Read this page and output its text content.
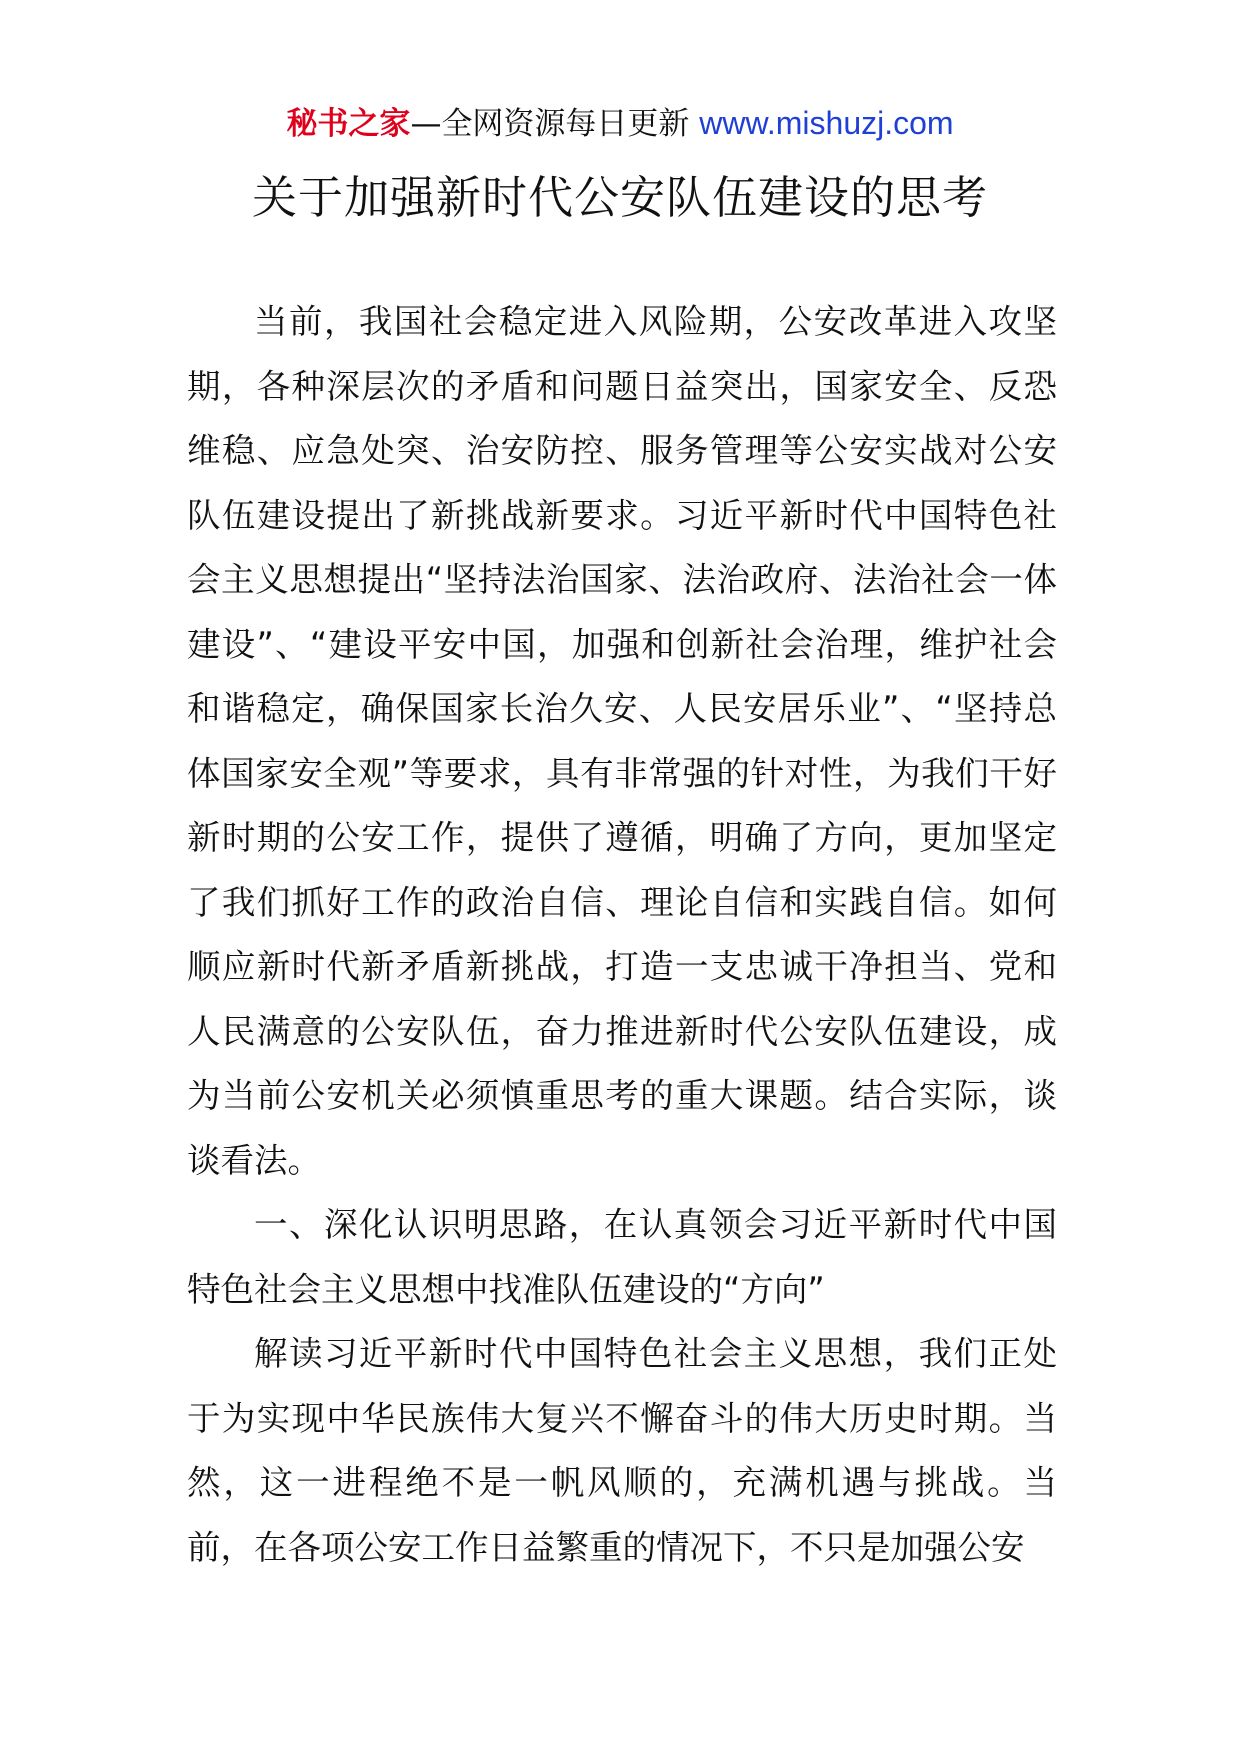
秘书之家—全网资源每日更新 www.mishuzj.com
关于加强新时代公安队伍建设的思考

当前，我国社会稳定进入风险期，公安改革进入攻坚期，各种深层次的矛盾和问题日益突出，国家安全、反恐维稳、应急处突、治安防控、服务管理等公安实战对公安队伍建设提出了新挑战新要求。习近平新时代中国特色社会主义思想提出“坚持法治国家、法治政府、法治社会一体建设”、“建设平安中国，加强和创新社会治理，维护社会和谐稳定，确保国家长治久安、人民安居乐业”、“坚持总体国家安全观”等要求，具有非常强的针对性，为我们干好新时期的公安工作，提供了遵循，明确了方向，更加坚定了我们抓好工作的政治自信、理论自信和实践自信。如何顺应新时代新矛盾新挑战，打造一支忠诚干净担当、党和人民满意的公安队伍，奋力推进新时代公安队伍建设，成为当前公安机关必须慎重思考的重大课题。结合实际，谈谈看法。

一、深化认识明思路，在认真领会习近平新时代中国特色社会主义思想中找准队伍建设的“方向”

解读习近平新时代中国特色社会主义思想，我们正处于为实现中华民族伟大复兴不懈奋斗的伟大历史时期。当然，这一进程绝不是一帆风顺的，充满机遇与挑战。当前，在各项公安工作日益繁重的情况下，不只是加强公安
